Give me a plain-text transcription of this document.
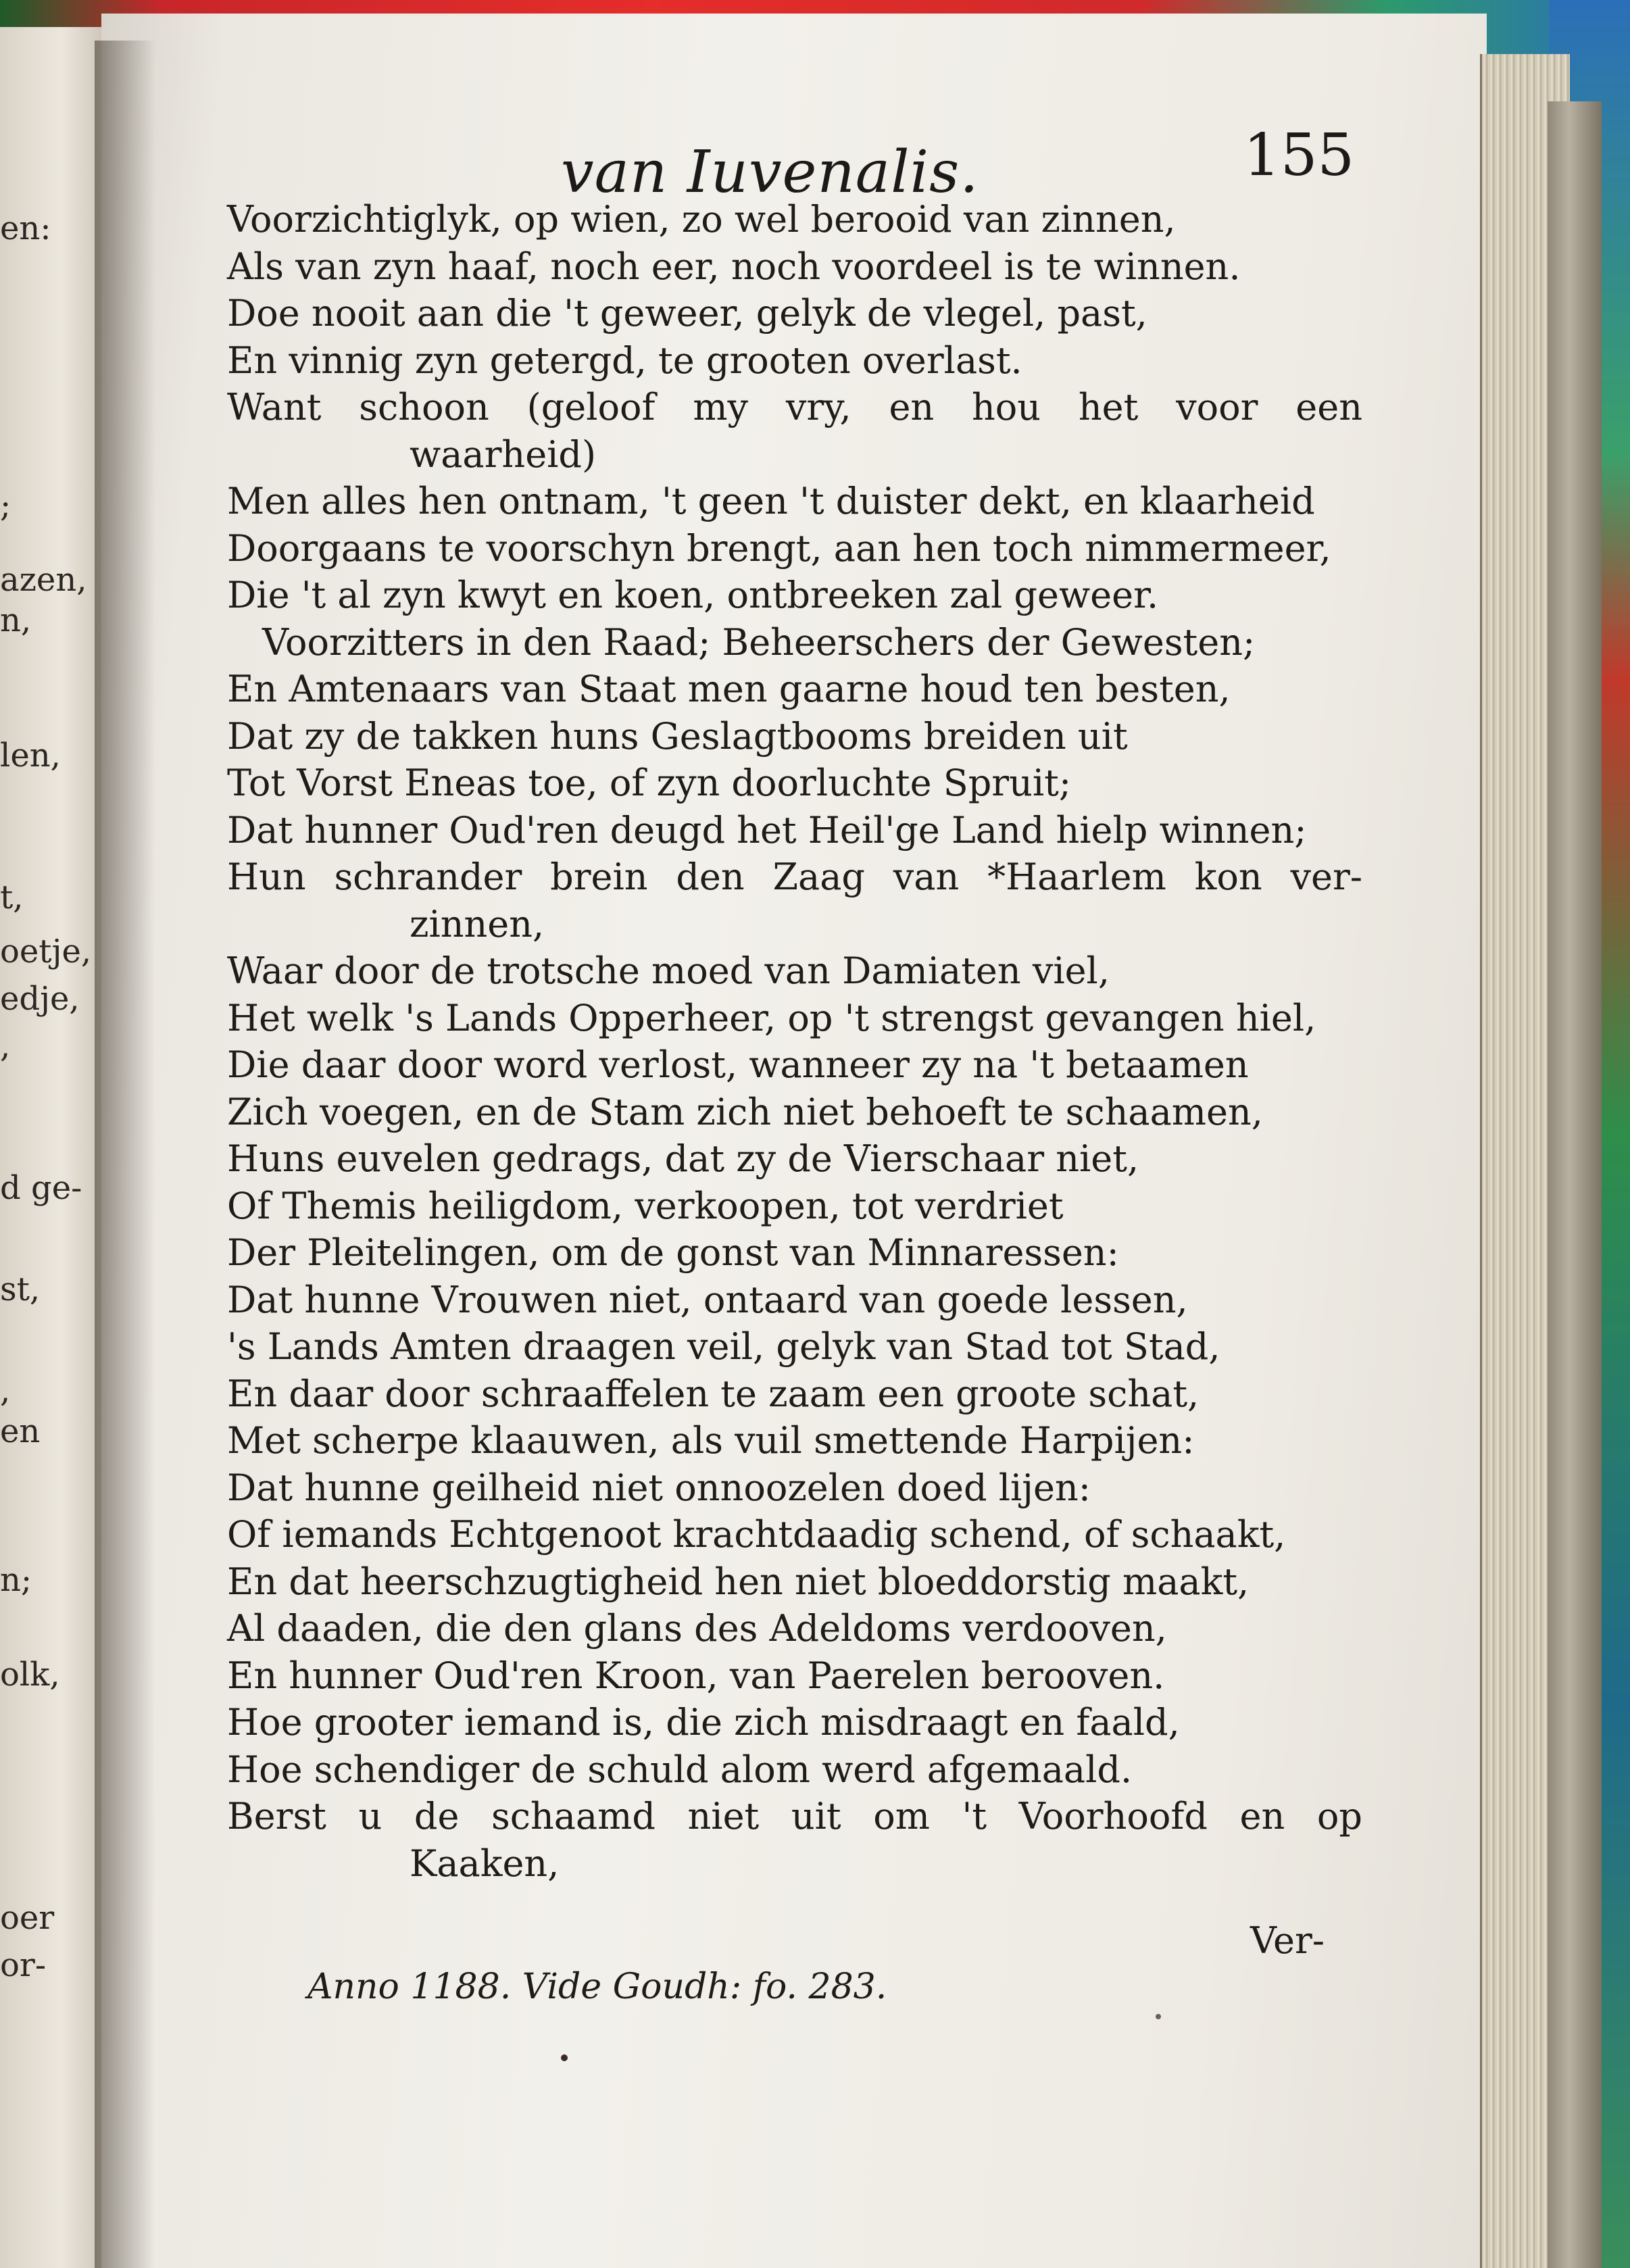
en:
;
azen,
n,
len,
t,
oetje,
edje,
,
d ge-
st,
,
en
n;
olk,
oer
or-
van Iuvenalis.	155
Voorzichtiglyk, op wien, zo wel berooid van zinnen,
Als van zyn haaf, noch eer, noch voordeel is te winnen.
Doe nooit aan die 't geweer, gelyk de vlegel, past,
En vinnig zyn getergd, te grooten overlast.
Want schoon (geloof my vry, en hou het voor een
waarheid)
Men alles hen ontnam, 't geen 't duister dekt, en klaarheid
Doorgaans te voorschyn brengt, aan hen toch nimmermeer,
Die 't al zyn kwyt en koen, ontbreeken zal geweer.
Voorzitters in den Raad; Beheerschers der Gewesten;
En Amtenaars van Staat men gaarne houd ten besten,
Dat zy de takken huns Geslagtbooms breiden uit
Tot Vorst Eneas toe, of zyn doorluchte Spruit;
Dat hunner Oud'ren deugd het Heil'ge Land hielp winnen;
Hun schrander brein den Zaag van *Haarlem kon ver-
zinnen,
Waar door de trotsche moed van Damiaten viel,
Het welk 's Lands Opperheer, op 't strengst gevangen hiel,
Die daar door word verlost, wanneer zy na 't betaamen
Zich voegen, en de Stam zich niet behoeft te schaamen,
Huns euvelen gedrags, dat zy de Vierschaar niet,
Of Themis heiligdom, verkoopen, tot verdriet
Der Pleitelingen, om de gonst van Minnaressen:
Dat hunne Vrouwen niet, ontaard van goede lessen,
's Lands Amten draagen veil, gelyk van Stad tot Stad,
En daar door schraaffelen te zaam een groote schat,
Met scherpe klaauwen, als vuil smettende Harpijen:
Dat hunne geilheid niet onnoozelen doed lijen:
Of iemands Echtgenoot krachtdaadig schend, of schaakt,
En dat heerschzugtigheid hen niet bloeddorstig maakt,
Al daaden, die den glans des Adeldoms verdooven,
En hunner Oud'ren Kroon, van Paerelen berooven.
Hoe grooter iemand is, die zich misdraagt en faald,
Hoe schendiger de schuld alom werd afgemaald.
Berst u de schaamd niet uit om 't Voorhoofd en op
Kaaken,
Ver-
Anno 1188. Vide Goudh: fo. 283.
